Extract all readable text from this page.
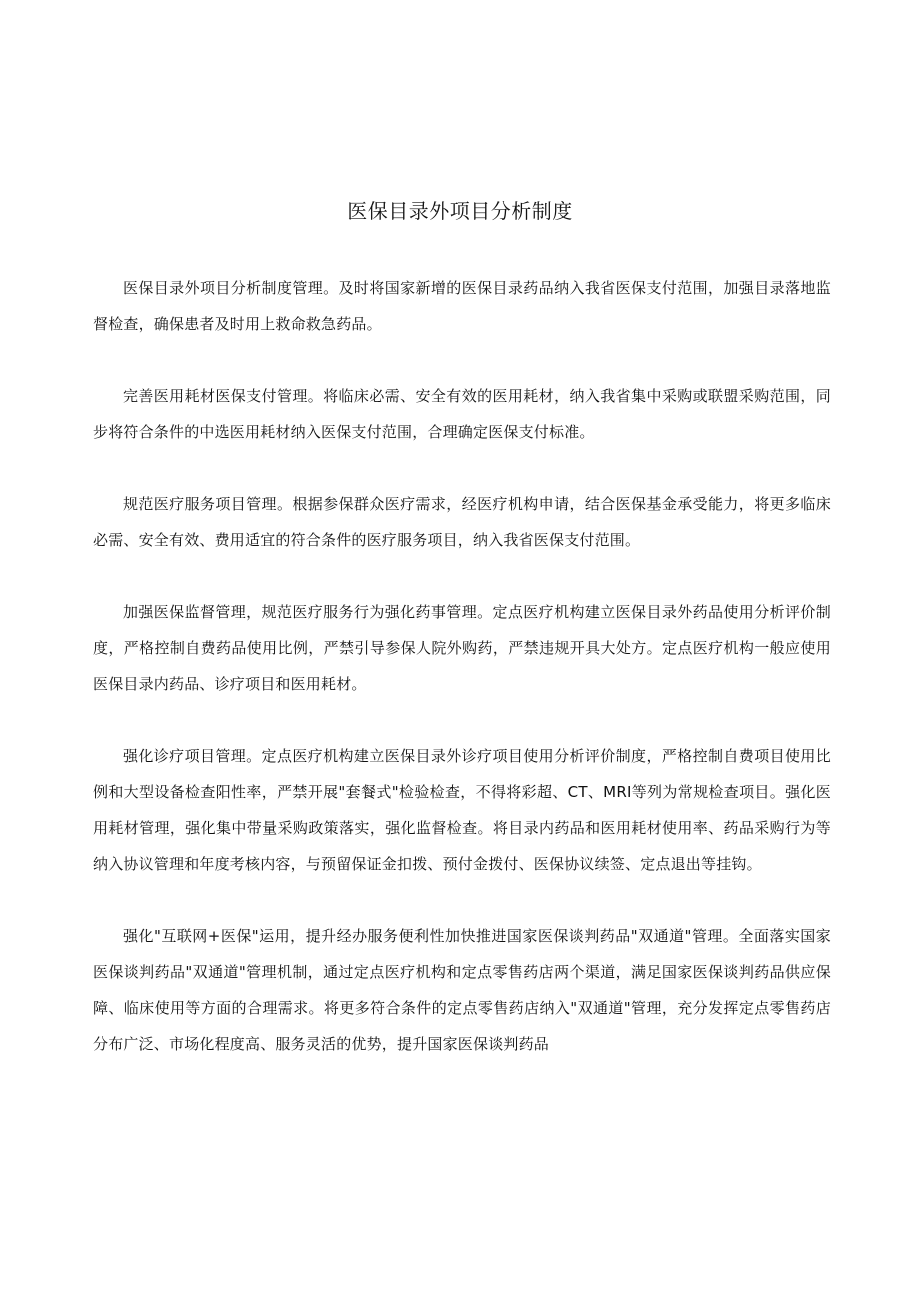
医保目录外项目分析制度

医保目录外项目分析制度管理。及时将国家新增的医保目录药品纳入我省医保支付范围，加强目录落地监督检查，确保患者及时用上救命救急药品。

完善医用耗材医保支付管理。将临床必需、安全有效的医用耗材，纳入我省集中采购或联盟采购范围，同步将符合条件的中选医用耗材纳入医保支付范围，合理确定医保支付标准。

规范医疗服务项目管理。根据参保群众医疗需求，经医疗机构申请，结合医保基金承受能力，将更多临床必需、安全有效、费用适宜的符合条件的医疗服务项目，纳入我省医保支付范围。

加强医保监督管理，规范医疗服务行为强化药事管理。定点医疗机构建立医保目录外药品使用分析评价制度，严格控制自费药品使用比例，严禁引导参保人院外购药，严禁违规开具大处方。定点医疗机构一般应使用医保目录内药品、诊疗项目和医用耗材。

强化诊疗项目管理。定点医疗机构建立医保目录外诊疗项目使用分析评价制度，严格控制自费项目使用比例和大型设备检查阳性率，严禁开展"套餐式"检验检查，不得将彩超、CT、MRI等列为常规检查项目。强化医用耗材管理，强化集中带量采购政策落实，强化监督检查。将目录内药品和医用耗材使用率、药品采购行为等纳入协议管理和年度考核内容，与预留保证金扣拨、预付金拨付、医保协议续签、定点退出等挂钩。

强化"互联网+医保"运用，提升经办服务便利性加快推进国家医保谈判药品"双通道"管理。全面落实国家医保谈判药品"双通道"管理机制，通过定点医疗机构和定点零售药店两个渠道，满足国家医保谈判药品供应保障、临床使用等方面的合理需求。将更多符合条件的定点零售药店纳入"双通道"管理，充分发挥定点零售药店分布广泛、市场化程度高、服务灵活的优势，提升国家医保谈判药品
